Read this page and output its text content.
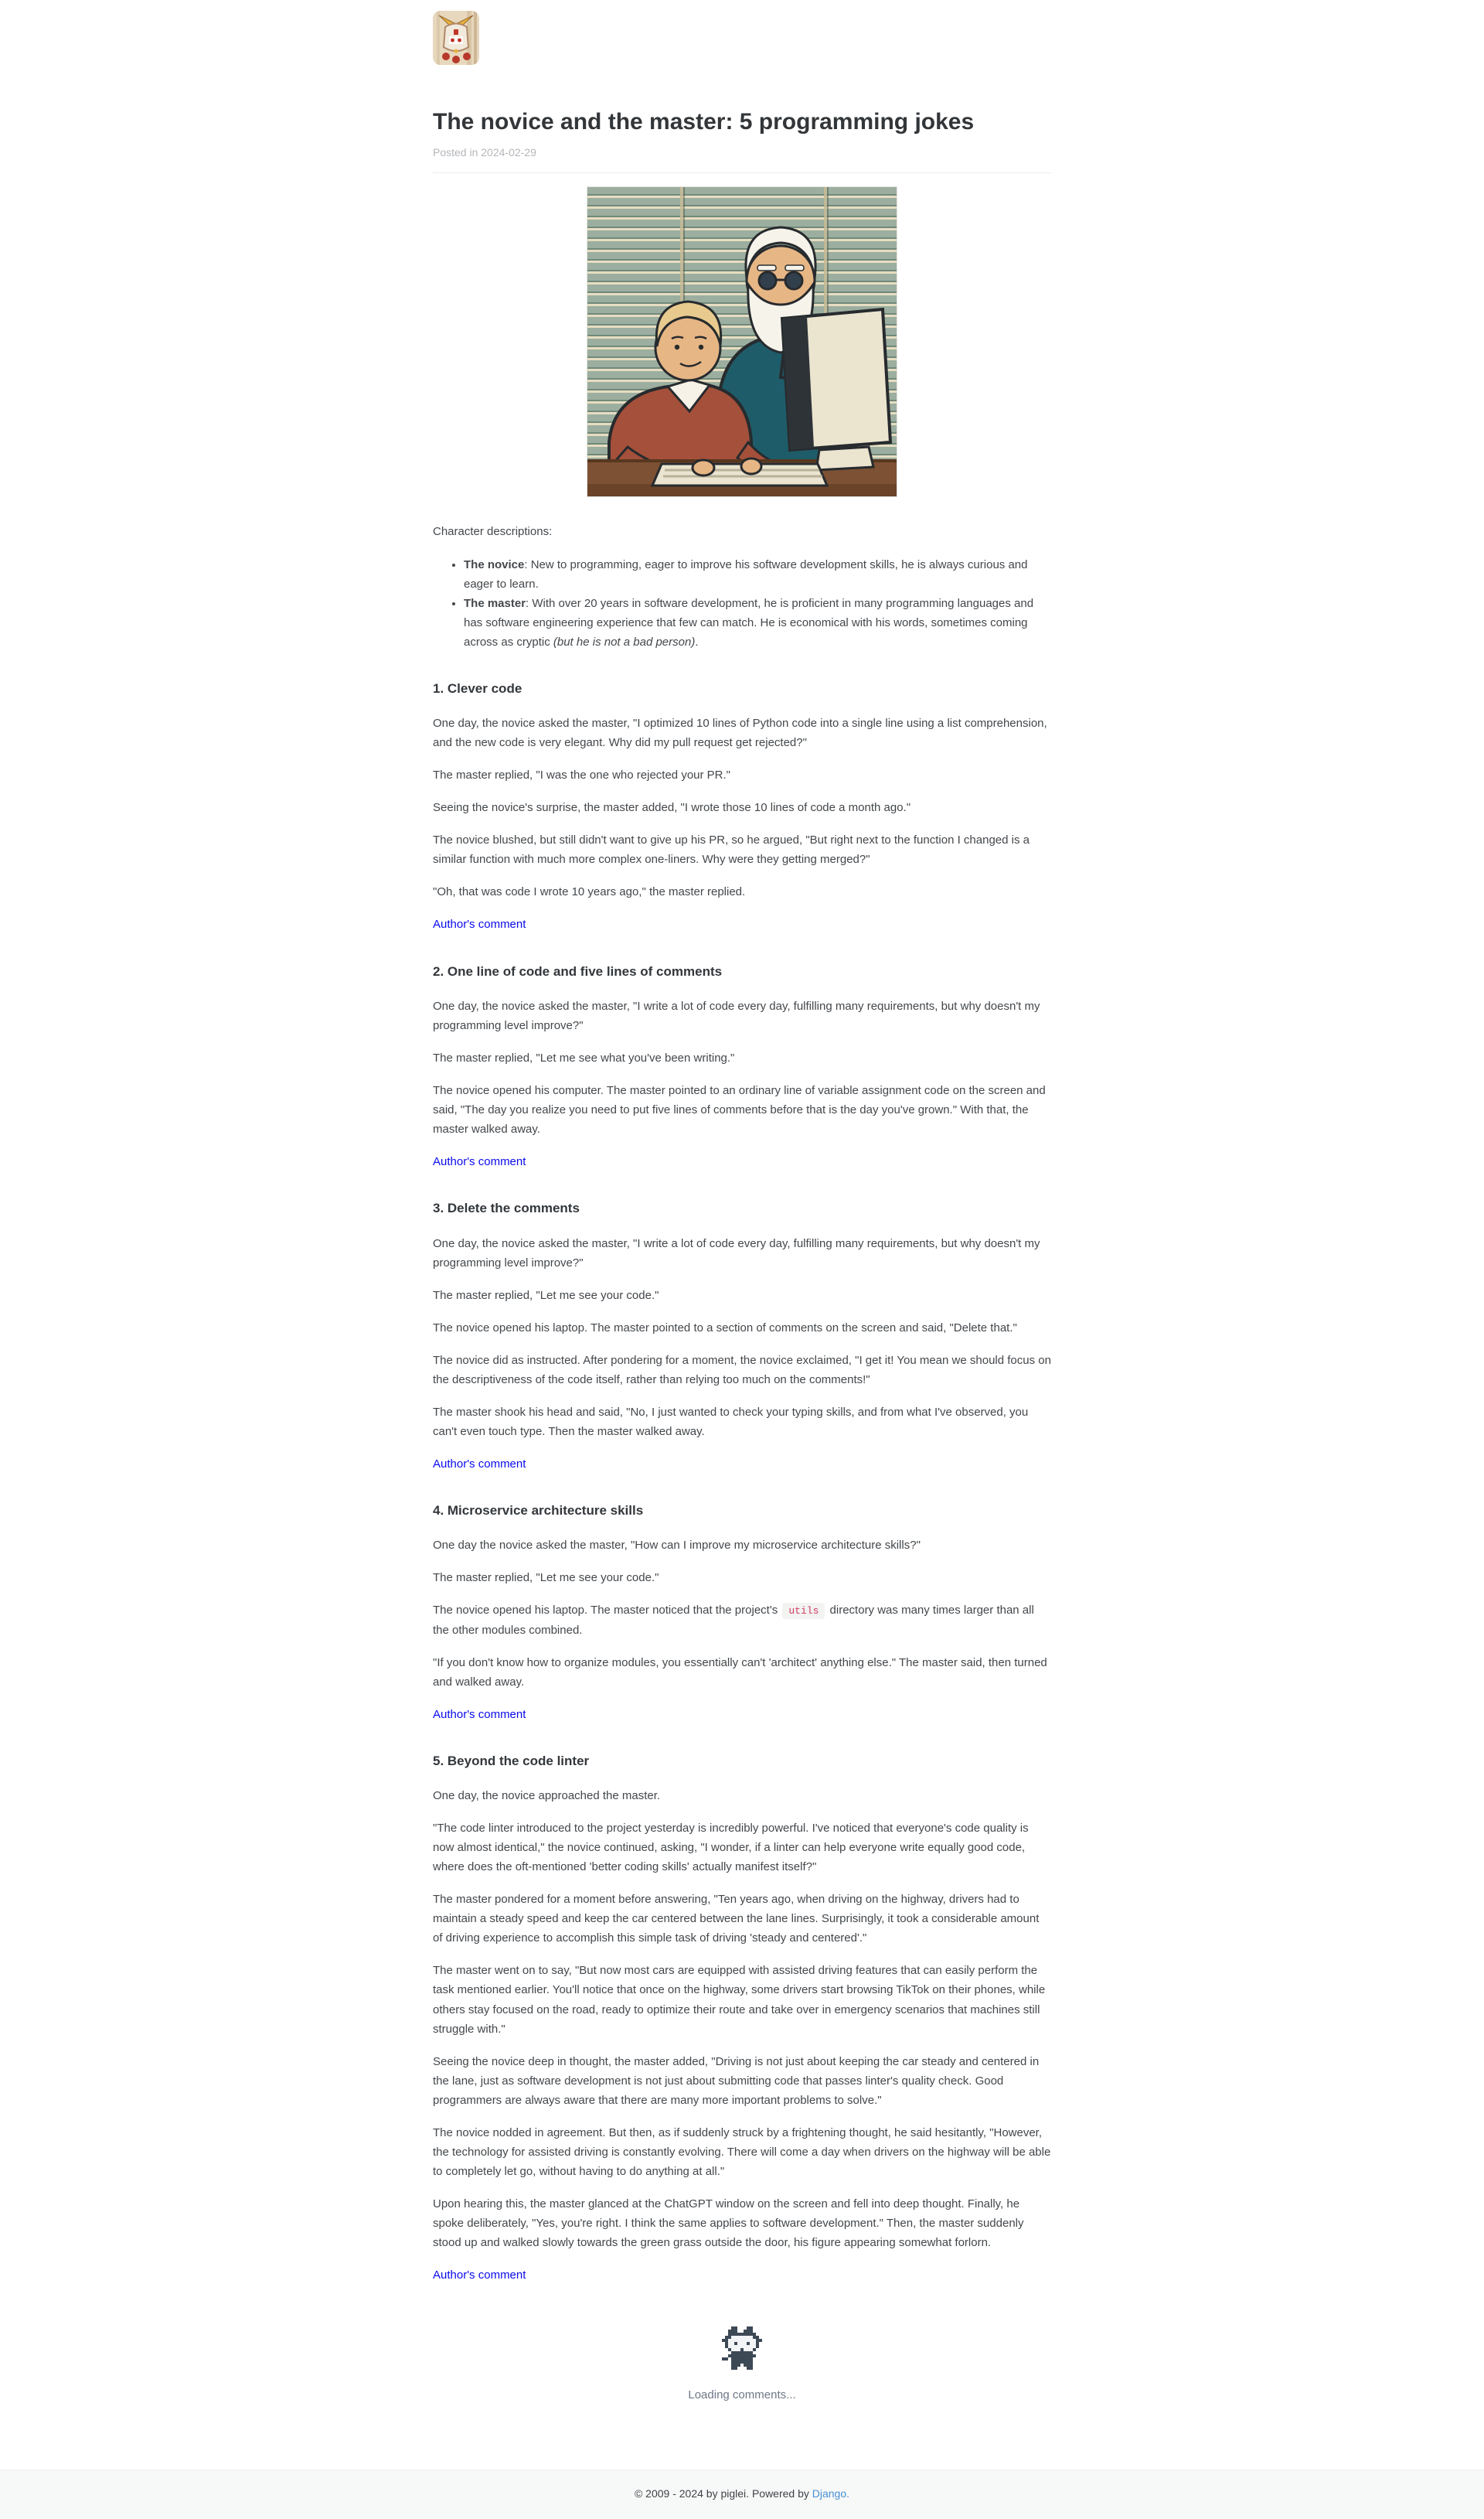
The novice and the master: 5 programming jokes
Posted in 2024-02-29

Character descriptions:

• The novice: New to programming, eager to improve his software development skills, he is always curious and eager to learn.
• The master: With over 20 years in software development, he is proficient in many programming languages and has software engineering experience that few can match. He is economical with his words, sometimes coming across as cryptic (but he is not a bad person).
1. Clever code

One day, the novice asked the master, "I optimized 10 lines of Python code into a single line using a list comprehension, and the new code is very elegant. Why did my pull request get rejected?"

The master replied, "I was the one who rejected your PR."

Seeing the novice's surprise, the master added, "I wrote those 10 lines of code a month ago."

The novice blushed, but still didn't want to give up his PR, so he argued, "But right next to the function I changed is a similar function with much more complex one-liners. Why were they getting merged?"

"Oh, that was code I wrote 10 years ago," the master replied.

Author's comment

2. One line of code and five lines of comments

One day, the novice asked the master, "I write a lot of code every day, fulfilling many requirements, but why doesn't my programming level improve?"

The master replied, "Let me see what you've been writing."

The novice opened his computer. The master pointed to an ordinary line of variable assignment code on the screen and said, "The day you realize you need to put five lines of comments before that is the day you've grown." With that, the master walked away.

Author's comment

3. Delete the comments

One day, the novice asked the master, "I write a lot of code every day, fulfilling many requirements, but why doesn't my programming level improve?"

The master replied, "Let me see your code."

The novice opened his laptop. The master pointed to a section of comments on the screen and said, "Delete that."

The novice did as instructed. After pondering for a moment, the novice exclaimed, "I get it! You mean we should focus on the descriptiveness of the code itself, rather than relying too much on the comments!"

The master shook his head and said, "No, I just wanted to check your typing skills, and from what I've observed, you can't even touch type. Then the master walked away.

Author's comment

4. Microservice architecture skills

One day the novice asked the master, "How can I improve my microservice architecture skills?"

The master replied, "Let me see your code."

The novice opened his laptop. The master noticed that the project's utils directory was many times larger than all the other modules combined.

"If you don't know how to organize modules, you essentially can't 'architect' anything else." The master said, then turned and walked away.

Author's comment

5. Beyond the code linter

One day, the novice approached the master.

"The code linter introduced to the project yesterday is incredibly powerful. I've noticed that everyone's code quality is now almost identical," the novice continued, asking, "I wonder, if a linter can help everyone write equally good code, where does the oft-mentioned 'better coding skills' actually manifest itself?"

The master pondered for a moment before answering, "Ten years ago, when driving on the highway, drivers had to maintain a steady speed and keep the car centered between the lane lines. Surprisingly, it took a considerable amount of driving experience to accomplish this simple task of driving 'steady and centered'."

The master went on to say, "But now most cars are equipped with assisted driving features that can easily perform the task mentioned earlier. You'll notice that once on the highway, some drivers start browsing TikTok on their phones, while others stay focused on the road, ready to optimize their route and take over in emergency scenarios that machines still struggle with."

Seeing the novice deep in thought, the master added, "Driving is not just about keeping the car steady and centered in the lane, just as software development is not just about submitting code that passes linter's quality check. Good programmers are always aware that there are many more important problems to solve."

The novice nodded in agreement. But then, as if suddenly struck by a frightening thought, he said hesitantly, "However, the technology for assisted driving is constantly evolving. There will come a day when drivers on the highway will be able to completely let go, without having to do anything at all."

Upon hearing this, the master glanced at the ChatGPT window on the screen and fell into deep thought. Finally, he spoke deliberately, "Yes, you're right. I think the same applies to software development." Then, the master suddenly stood up and walked slowly towards the green grass outside the door, his figure appearing somewhat forlorn.

Author's comment

Loading comments...
© 2009 - 2024 by piglei. Powered by Django.
